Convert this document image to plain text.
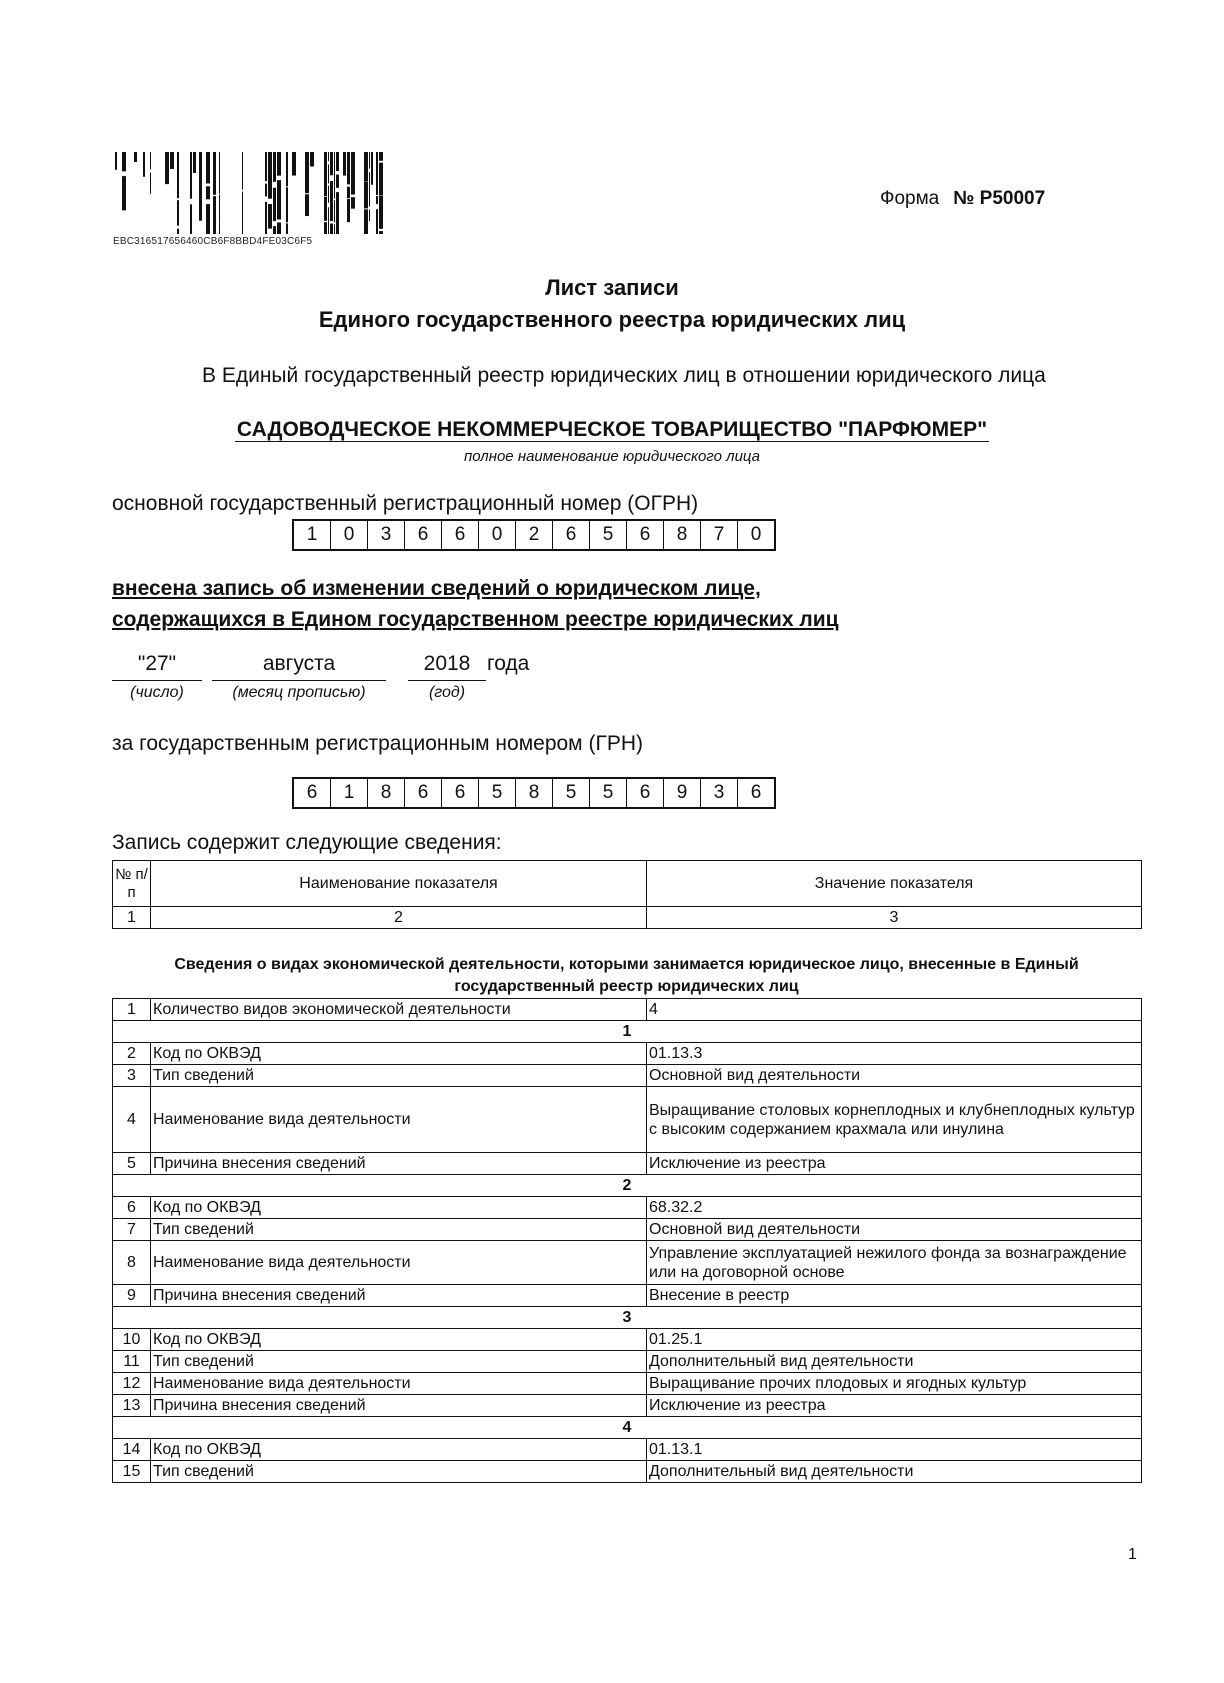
EBC316517656460CB6F8BBD4FE03C6F5
Форма № Р50007
Лист записи
Единого государственного реестра юридических лиц
В Единый государственный реестр юридических лиц в отношении юридического лица
САДОВОДЧЕСКОЕ НЕКОММЕРЧЕСКОЕ ТОВАРИЩЕСТВО "ПАРФЮМЕР"
полное наименование юридического лица
основной государственный регистрационный номер (ОГРН)
1	0	3	6	6	0	2	6	5	6	8	7	0
внесена запись об изменении сведений о юридическом лице,
содержащихся в Едином государственном реестре юридических лиц
"27"
(число)
августа
(месяц прописью)
2018
(год)
года
за государственным регистрационным номером (ГРН)
6	1	8	6	6	5	8	5	5	6	9	3	6
Запись содержит следующие сведения:
№ п/п	Наименование показателя	Значение показателя
1	2	3
Сведения о видах экономической деятельности, которыми занимается юридическое лицо, внесенные в Единый государственный реестр юридических лиц
1	Количество видов экономической деятельности	4
1		
2	Код по ОКВЭД	01.13.3
3	Тип сведений	Основной вид деятельности
4	Наименование вида деятельности	Выращивание столовых корнеплодных и клубнеплодных культур с высоким содержанием крахмала или инулина
5	Причина внесения сведений	Исключение из реестра
2		
6	Код по ОКВЭД	68.32.2
7	Тип сведений	Основной вид деятельности
8	Наименование вида деятельности	Управление эксплуатацией нежилого фонда за вознаграждение или на договорной основе
9	Причина внесения сведений	Внесение в реестр
3		
10	Код по ОКВЭД	01.25.1
11	Тип сведений	Дополнительный вид деятельности
12	Наименование вида деятельности	Выращивание прочих плодовых и ягодных культур
13	Причина внесения сведений	Исключение из реестра
4		
14	Код по ОКВЭД	01.13.1
15	Тип сведений	Дополнительный вид деятельности
1
